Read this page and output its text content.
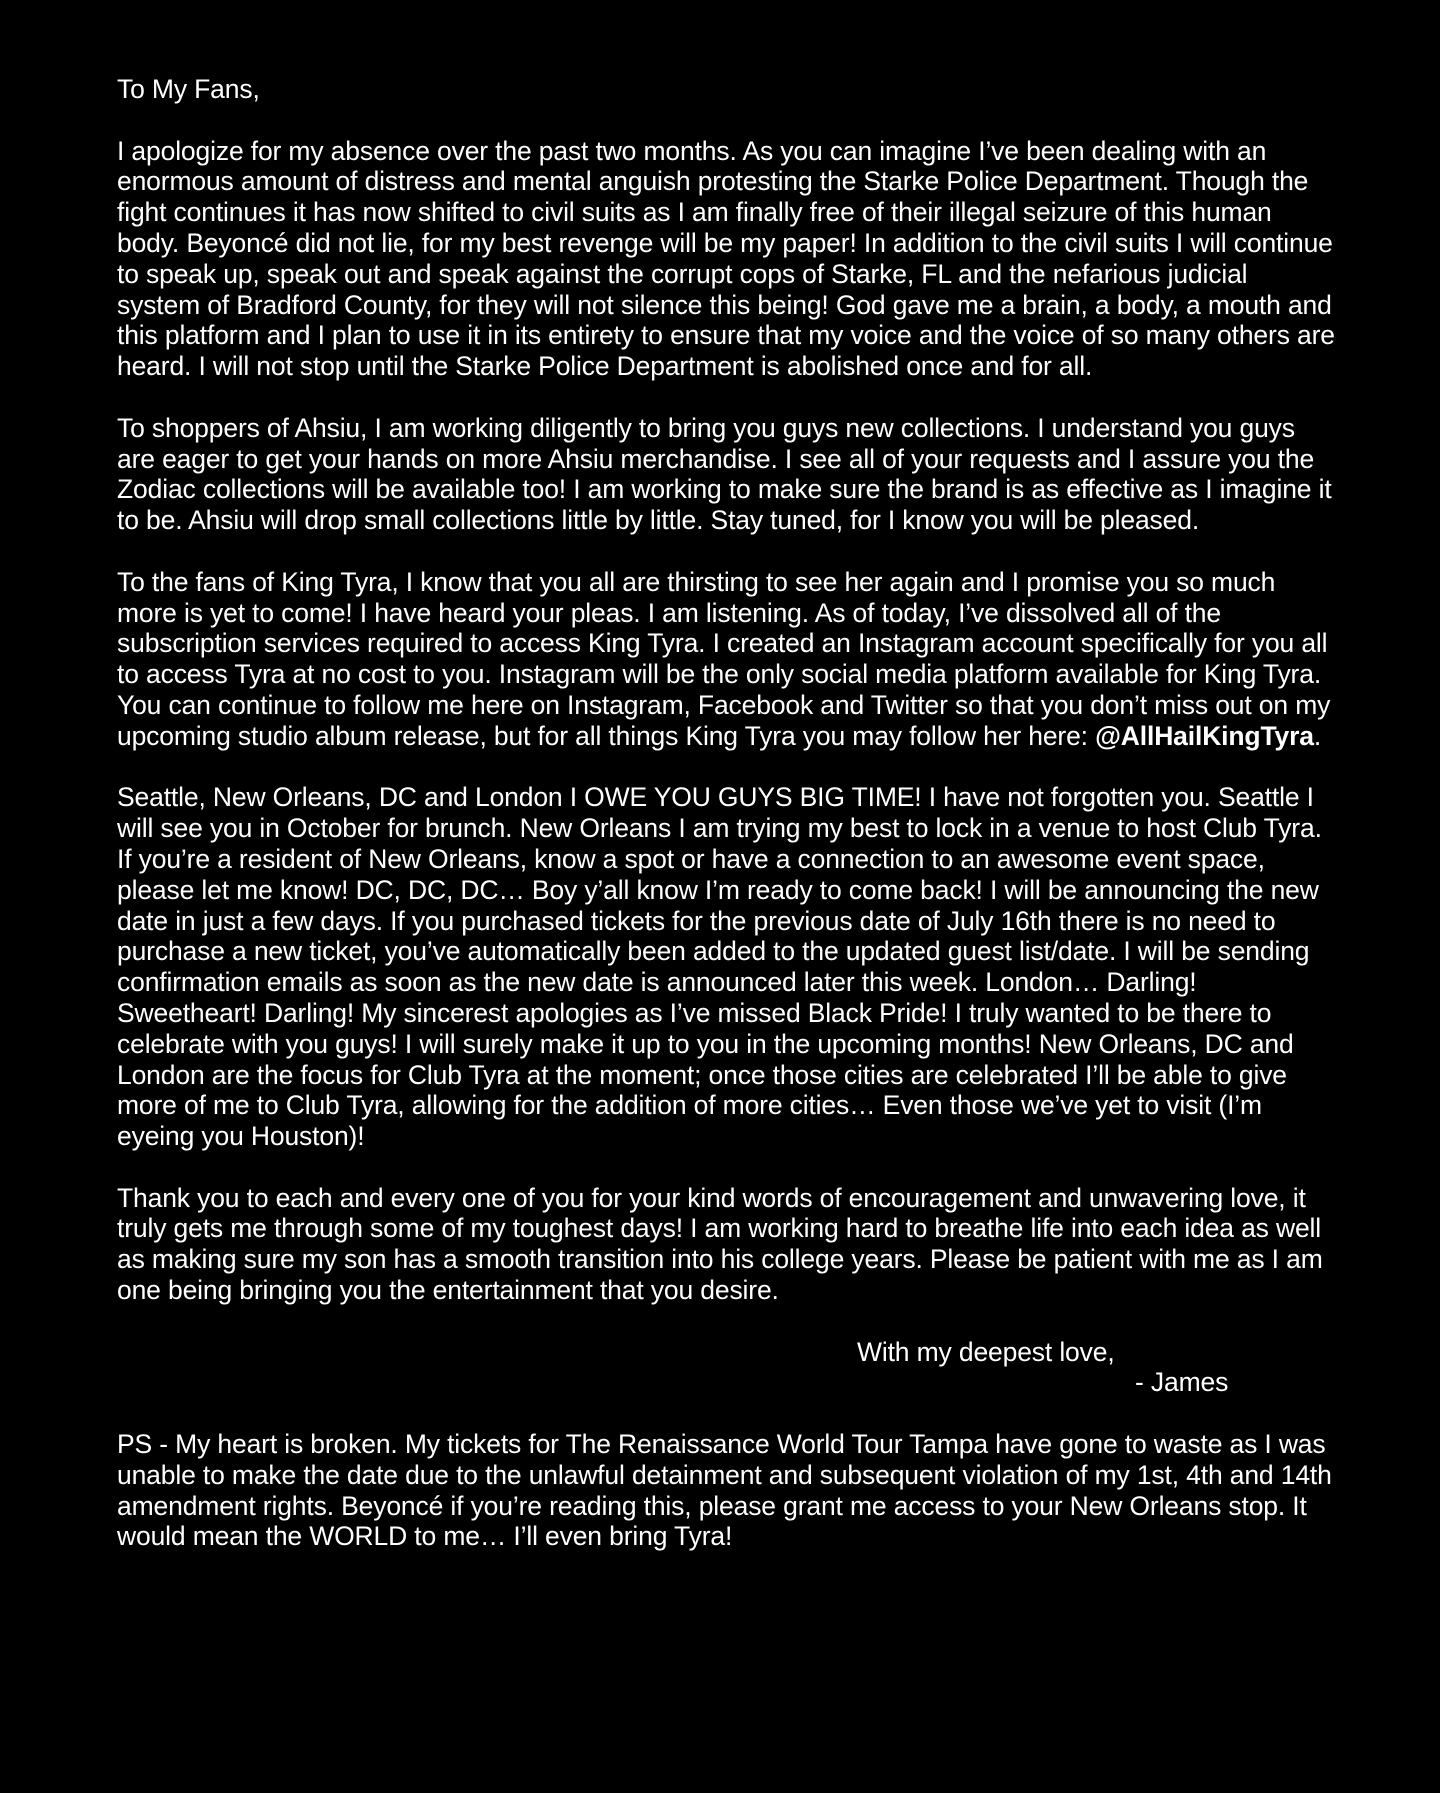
To My Fans,

I apologize for my absence over the past two months. As you can imagine I’ve been dealing with an enormous amount of distress and mental anguish protesting the Starke Police Department. Though the fight continues it has now shifted to civil suits as I am finally free of their illegal seizure of this human body. Beyoncé did not lie, for my best revenge will be my paper! In addition to the civil suits I will continue to speak up, speak out and speak against the corrupt cops of Starke, FL and the nefarious judicial system of Bradford County, for they will not silence this being! God gave me a brain, a body, a mouth and this platform and I plan to use it in its entirety to ensure that my voice and the voice of so many others are heard. I will not stop until the Starke Police Department is abolished once and for all.

To shoppers of Ahsiu, I am working diligently to bring you guys new collections. I understand you guys are eager to get your hands on more Ahsiu merchandise. I see all of your requests and I assure you the Zodiac collections will be available too! I am working to make sure the brand is as effective as I imagine it to be. Ahsiu will drop small collections little by little. Stay tuned, for I know you will be pleased.

To the fans of King Tyra, I know that you all are thirsting to see her again and I promise you so much more is yet to come! I have heard your pleas. I am listening. As of today, I’ve dissolved all of the subscription services required to access King Tyra. I created an Instagram account specifically for you all to access Tyra at no cost to you. Instagram will be the only social media platform available for King Tyra. You can continue to follow me here on Instagram, Facebook and Twitter so that you don’t miss out on my upcoming studio album release, but for all things King Tyra you may follow her here: @AllHailKingTyra.

Seattle, New Orleans, DC and London I OWE YOU GUYS BIG TIME! I have not forgotten you. Seattle I will see you in October for brunch. New Orleans I am trying my best to lock in a venue to host Club Tyra. If you’re a resident of New Orleans, know a spot or have a connection to an awesome event space, please let me know! DC, DC, DC… Boy y’all know I’m ready to come back! I will be announcing the new date in just a few days. If you purchased tickets for the previous date of July 16th there is no need to purchase a new ticket, you’ve automatically been added to the updated guest list/date. I will be sending confirmation emails as soon as the new date is announced later this week. London… Darling! Sweetheart! Darling! My sincerest apologies as I’ve missed Black Pride! I truly wanted to be there to celebrate with you guys! I will surely make it up to you in the upcoming months! New Orleans, DC and London are the focus for Club Tyra at the moment; once those cities are celebrated I’ll be able to give more of me to Club Tyra, allowing for the addition of more cities… Even those we’ve yet to visit (I’m eyeing you Houston)!

Thank you to each and every one of you for your kind words of encouragement and unwavering love, it truly gets me through some of my toughest days! I am working hard to breathe life into each idea as well as making sure my son has a smooth transition into his college years. Please be patient with me as I am one being bringing you the entertainment that you desire.

With my deepest love,
- James

PS - My heart is broken. My tickets for The Renaissance World Tour Tampa have gone to waste as I was unable to make the date due to the unlawful detainment and subsequent violation of my 1st, 4th and 14th amendment rights. Beyoncé if you’re reading this, please grant me access to your New Orleans stop. It would mean the WORLD to me… I’ll even bring Tyra!
